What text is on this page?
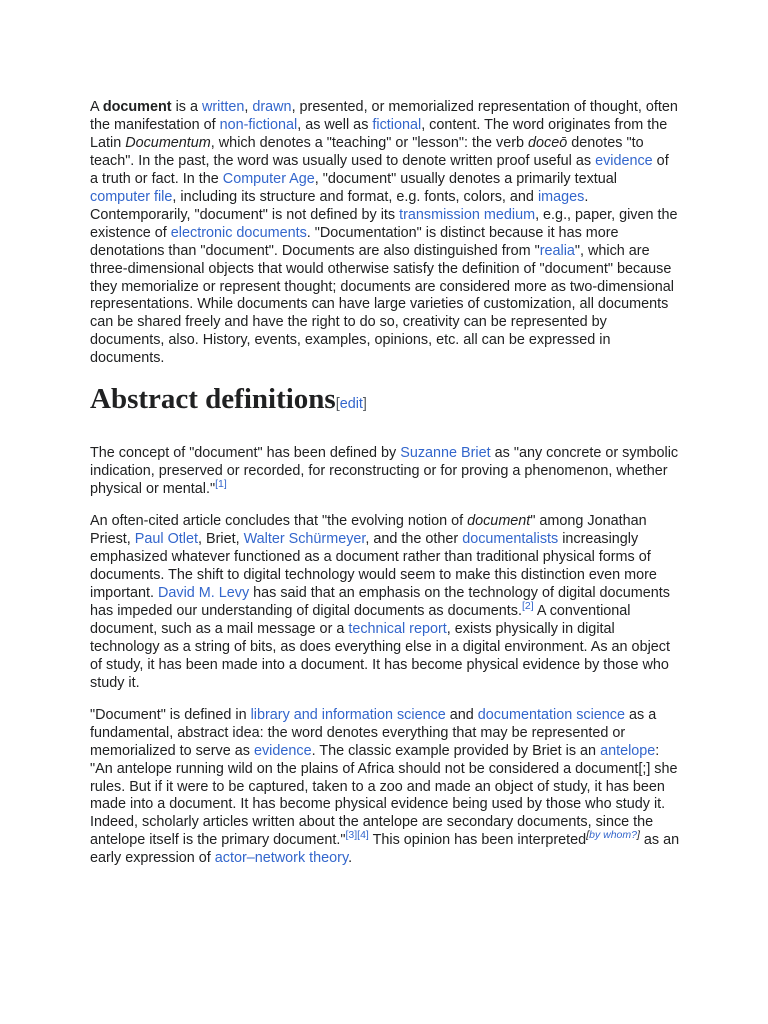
A document is a written, drawn, presented, or memorialized representation of thought, often the manifestation of non-fictional, as well as fictional, content. The word originates from the Latin Documentum, which denotes a "teaching" or "lesson": the verb doceō denotes "to teach". In the past, the word was usually used to denote written proof useful as evidence of a truth or fact. In the Computer Age, "document" usually denotes a primarily textual computer file, including its structure and format, e.g. fonts, colors, and images. Contemporarily, "document" is not defined by its transmission medium, e.g., paper, given the existence of electronic documents. "Documentation" is distinct because it has more denotations than "document". Documents are also distinguished from "realia", which are three-dimensional objects that would otherwise satisfy the definition of "document" because they memorialize or represent thought; documents are considered more as two-dimensional representations. While documents can have large varieties of customization, all documents can be shared freely and have the right to do so, creativity can be represented by documents, also. History, events, examples, opinions, etc. all can be expressed in documents.

Abstract definitions[edit]

The concept of "document" has been defined by Suzanne Briet as "any concrete or symbolic indication, preserved or recorded, for reconstructing or for proving a phenomenon, whether physical or mental."[1]

An often-cited article concludes that "the evolving notion of document" among Jonathan Priest, Paul Otlet, Briet, Walter Schürmeyer, and the other documentalists increasingly emphasized whatever functioned as a document rather than traditional physical forms of documents. The shift to digital technology would seem to make this distinction even more important. David M. Levy has said that an emphasis on the technology of digital documents has impeded our understanding of digital documents as documents.[2] A conventional document, such as a mail message or a technical report, exists physically in digital technology as a string of bits, as does everything else in a digital environment. As an object of study, it has been made into a document. It has become physical evidence by those who study it.

"Document" is defined in library and information science and documentation science as a fundamental, abstract idea: the word denotes everything that may be represented or memorialized to serve as evidence. The classic example provided by Briet is an antelope: "An antelope running wild on the plains of Africa should not be considered a document[;] she rules. But if it were to be captured, taken to a zoo and made an object of study, it has been made into a document. It has become physical evidence being used by those who study it. Indeed, scholarly articles written about the antelope are secondary documents, since the antelope itself is the primary document."[3][4] This opinion has been interpreted[by whom?] as an early expression of actor–network theory.
